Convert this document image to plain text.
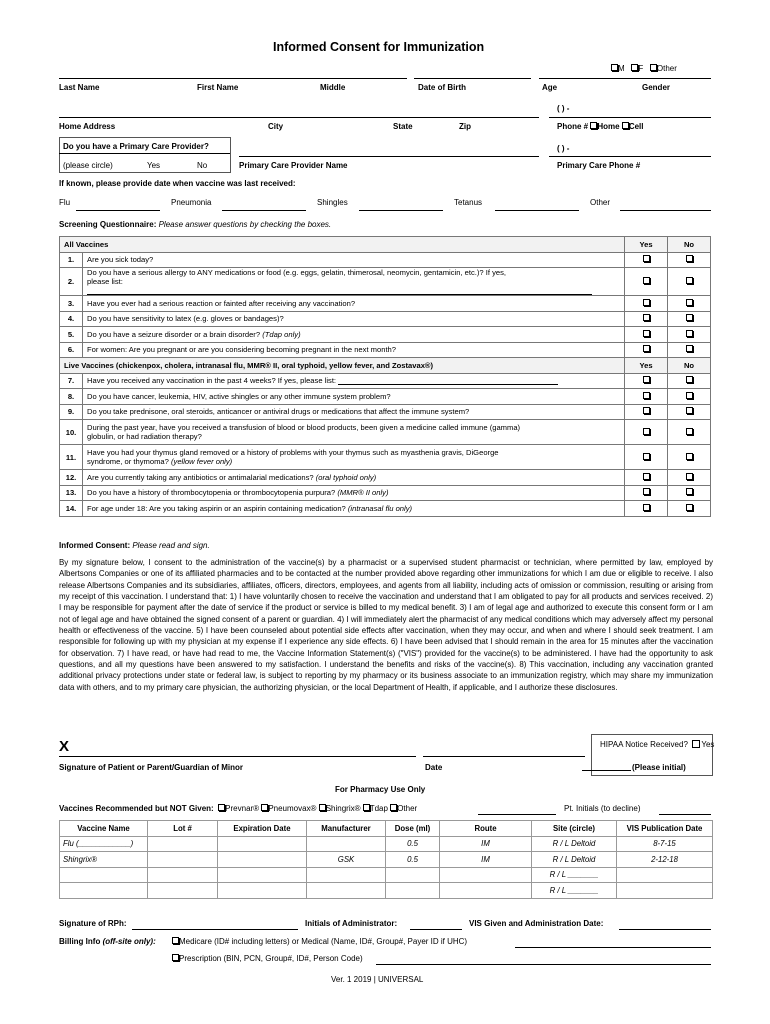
Informed Consent for Immunization
M F Other
Last Name	First Name	Middle	Date of Birth	Age	Gender
( ) -
Home Address	City	State	Zip	Phone # Home Cell
Do you have a Primary Care Provider?
(please circle)	Yes	No
( ) -
Primary Care Provider Name	Primary Care Phone #
If known, please provide date when vaccine was last received:
Flu	Pneumonia	Shingles	Tetanus	Other
Screening Questionnaire: Please answer questions by checking the boxes.
All Vaccines		Yes	No
1.	Are you sick today?		
2.	Do you have a serious allergy to ANY medications or food (e.g. eggs, gelatin, thimerosal, neomycin, gentamicin, etc.)? If yes,
please list:		
3.	Have you ever had a serious reaction or fainted after receiving any vaccination?		
4.	Do you have sensitivity to latex (e.g. gloves or bandages)?		
5.	Do you have a seizure disorder or a brain disorder? (Tdap only)		
6.	For women: Are you pregnant or are you considering becoming pregnant in the next month?		
Live Vaccines (chickenpox, cholera, intranasal flu, MMR® II, oral typhoid, yellow fever, and Zostavax®)		Yes	No
7.	Have you received any vaccination in the past 4 weeks? If yes, please list:		
8.	Do you have cancer, leukemia, HIV, active shingles or any other immune system problem?		
9.	Do you take prednisone, oral steroids, anticancer or antiviral drugs or medications that affect the immune system?		
10.	During the past year, have you received a transfusion of blood or blood products, been given a medicine called immune (gamma)
globulin, or had radiation therapy?		
11.	Have you had your thymus gland removed or a history of problems with your thymus such as myasthenia gravis, DiGeorge
syndrome, or thymoma? (yellow fever only)		
12.	Are you currently taking any antibiotics or antimalarial medications? (oral typhoid only)		
13.	Do you have a history of thrombocytopenia or thrombocytopenia purpura? (MMR® II only)		
14.	For age under 18: Are you taking aspirin or an aspirin containing medication? (intranasal flu only)		
Informed Consent: Please read and sign.
By my signature below, I consent to the administration of the vaccine(s) by a pharmacist or a supervised student pharmacist or technician, where permitted by law, employed by Albertsons Companies or one of its affiliated pharmacies and to be contacted at the number provided above regarding other immunizations for which I am due or eligible to receive. I also release Albertsons Companies and its subsidiaries, affiliates, officers, directors, employees, and agents from all liability, including acts of omission or commission, resulting or arising from my receipt of this vaccination. I understand that: 1) I have voluntarily chosen to receive the vaccination and understand that I am obligated to pay for all products and services received. 2) I may be responsible for payment after the date of service if the product or service is billed to my medical benefit. 3) I am of legal age and authorized to execute this consent form or I am not of legal age and have obtained the signed consent of a parent or guardian. 4) I will immediately alert the pharmacist of any medical conditions which may adversely affect my personal health or effectiveness of the vaccine. 5) I have been counseled about potential side effects after vaccination, when they may occur, and when and where I should seek treatment. I am responsible for following up with my physician at my expense if I experience any side effects. 6) I have been advised that I should remain in the area for 15 minutes after the vaccination for observation. 7) I have read, or have had read to me, the Vaccine Information Statement(s) ("VIS") provided for the vaccine(s) to be administered. I have had the opportunity to ask questions, and all my questions have been answered to my satisfaction. I understand the benefits and risks of the vaccine(s). 8) This vaccination, including any vaccination granted additional privacy protections under state or federal law, is subject to reporting by my pharmacy or its business associate to an immunization registry, which may share my immunization data with others, and to my primary care physician, the authorizing physician, or the local Department of Health, if applicable, and I authorize these disclosures.
X
Signature of Patient or Parent/Guardian of Minor	Date
HIPAA Notice Received? Yes
(Please initial)
For Pharmacy Use Only
Vaccines Recommended but NOT Given: Prevnar® Pneumovax® Shingrix® Tdap Other	Pt. Initials (to decline)
Vaccine Name	Lot #	Expiration Date	Manufacturer	Dose (ml)	Route	Site (circle)	VIS Publication Date
Flu (____________)				0.5	IM	R / L Deltoid	8-7-15
Shingrix®			GSK	0.5	IM	R / L Deltoid	2-12-18
						R / L _______	
						R / L _______	
Signature of RPh:	Initials of Administrator:	VIS Given and Administration Date:
Billing Info (off-site only):	Medicare (ID# including letters) or Medical (Name, ID#, Group#, Payer ID if UHC)
Prescription (BIN, PCN, Group#, ID#, Person Code)
Ver. 1 2019 | UNIVERSAL
